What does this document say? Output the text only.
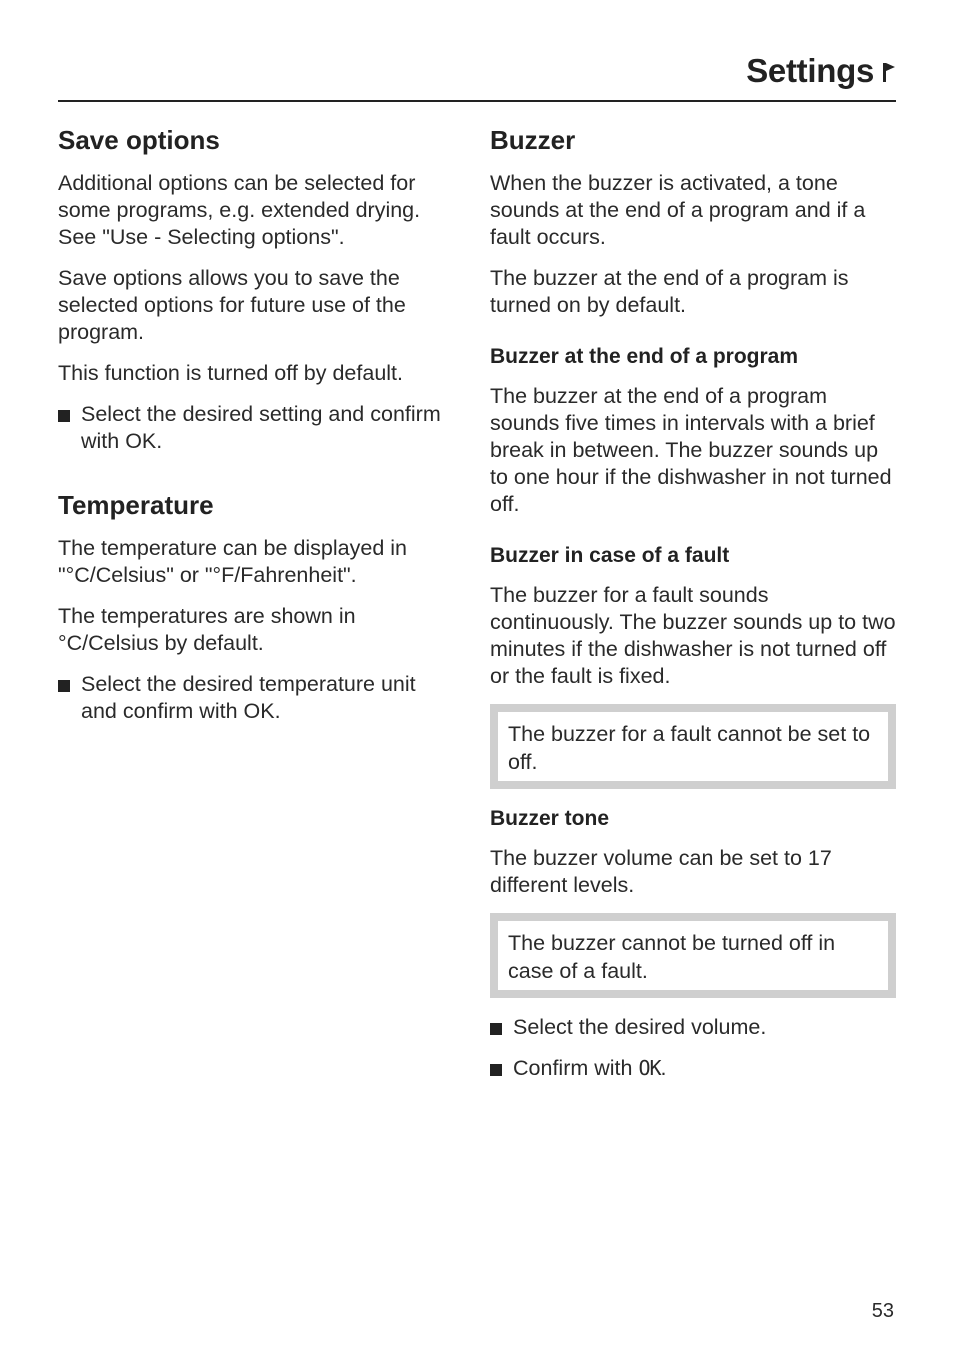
Settings
Save options

Additional options can be selected for some programs, e.g. extended drying. See "Use - Selecting options".

Save options allows you to save the selected options for future use of the program.

This function is turned off by default.

Select the desired setting and confirm with OK.
Temperature

The temperature can be displayed in "°C/Celsius" or "°F/Fahrenheit".

The temperatures are shown in °C/Celsius by default.

Select the desired temperature unit and confirm with OK.
Buzzer

When the buzzer is activated, a tone sounds at the end of a program and if a fault occurs.

The buzzer at the end of a program is turned on by default.

Buzzer at the end of a program

The buzzer at the end of a program sounds five times in intervals with a brief break in between. The buzzer sounds up to one hour if the dishwasher in not turned off.

Buzzer in case of a fault

The buzzer for a fault sounds continuously. The buzzer sounds up to two minutes if the dishwasher is not turned off or the fault is fixed.

The buzzer for a fault cannot be set to off.
Buzzer tone

The buzzer volume can be set to 17 different levels.

The buzzer cannot be turned off in case of a fault.
Select the desired volume.
Confirm with OK.
53
